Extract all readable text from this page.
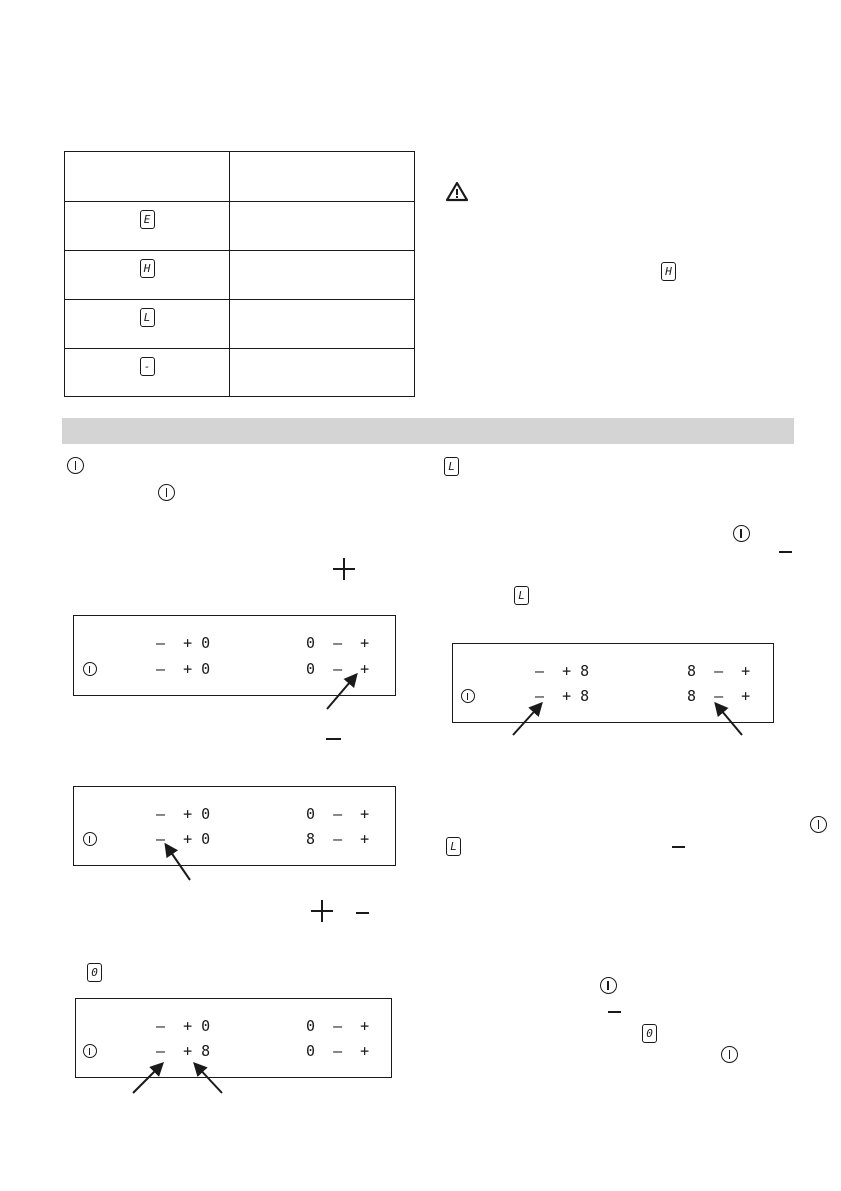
E	
H	
L	
-	
H

0
L

L

L

0
–  + 0	0  –  +
–  + 0	0  –  +
–  + 0	0  –  +
–  + 0	8  –  +
–  + 0	0  –  +
–  + 8	0  –  +
–  + 8	8  –  +
–  + 8	8  –  +
